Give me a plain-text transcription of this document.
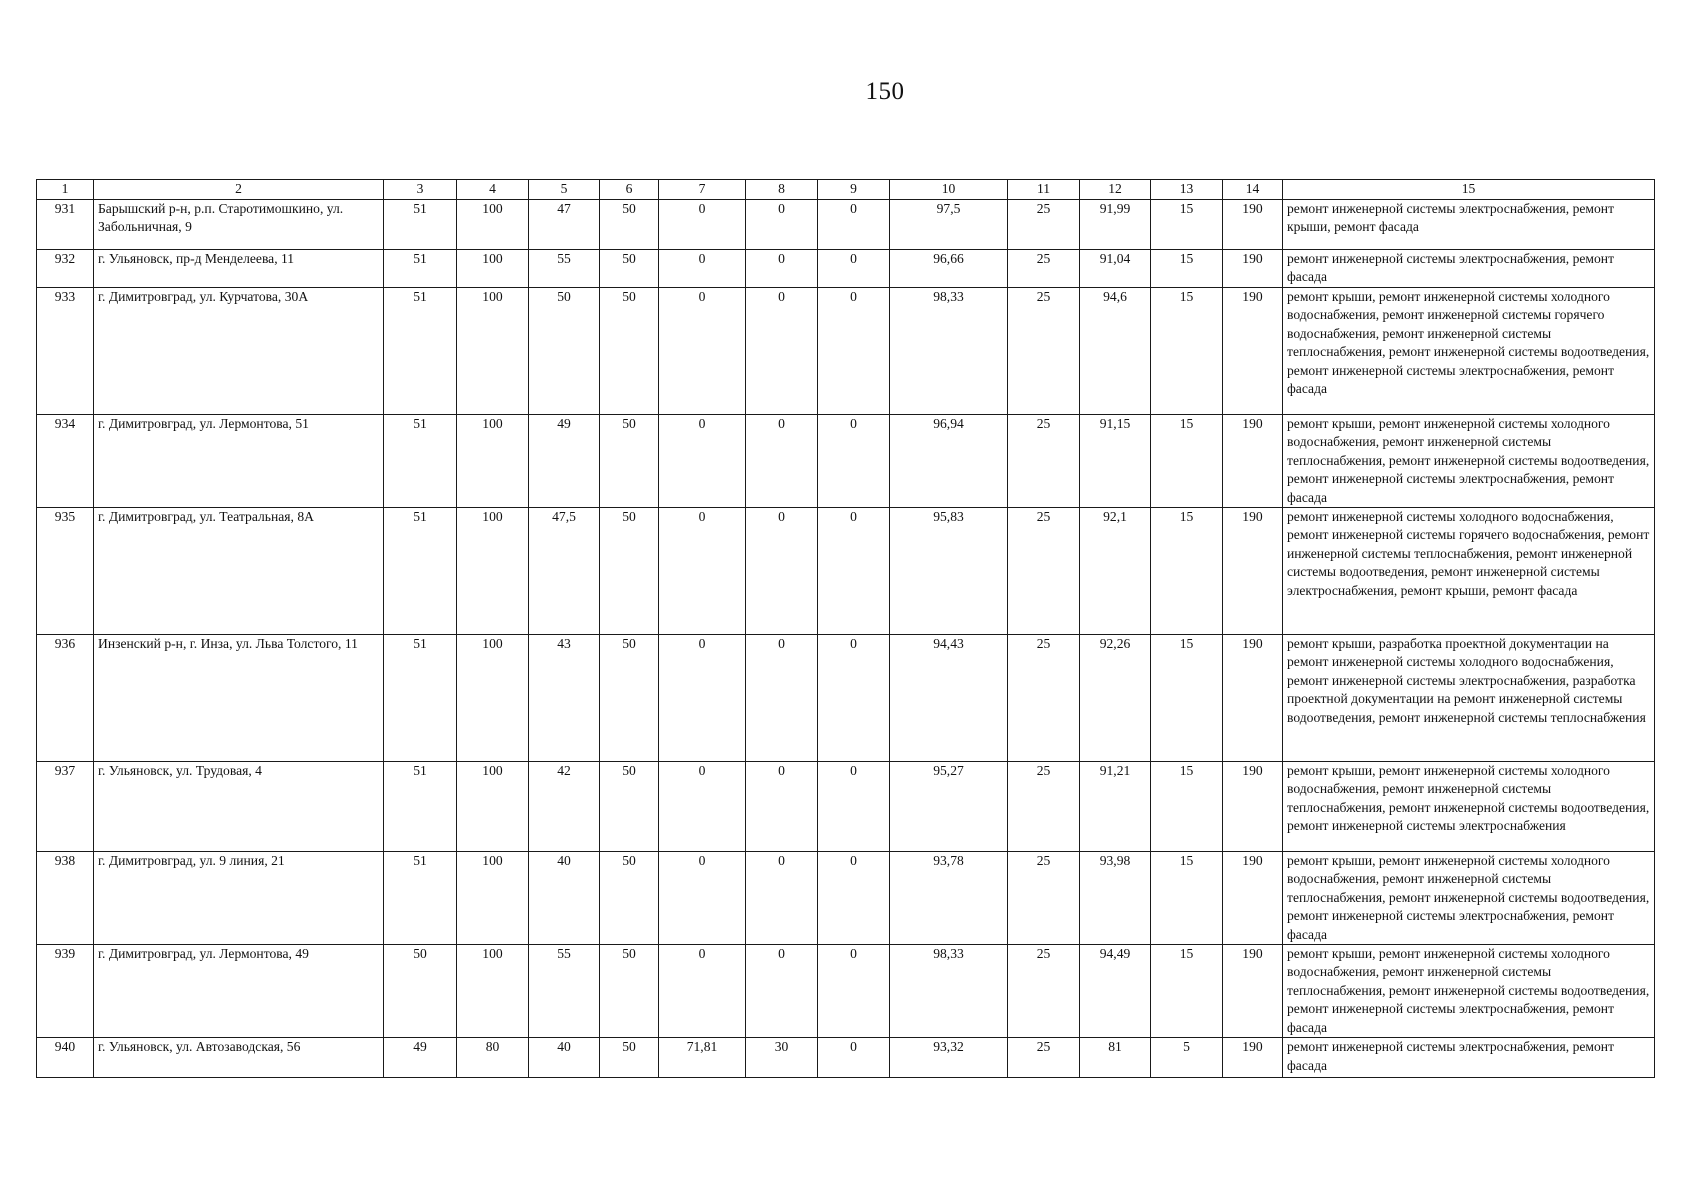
150
1	2	3	4	5	6	7	8	9	10	11	12	13	14	15
931	Барышский р-н, р.п. Старотимошкино, ул. Забольничная, 9	51	100	47	50	0	0	0	97,5	25	91,99	15	190	ремонт инженерной системы электроснабжения, ремонт крыши, ремонт фасада
932	г. Ульяновск, пр-д Менделеева, 11	51	100	55	50	0	0	0	96,66	25	91,04	15	190	ремонт инженерной системы электроснабжения, ремонт фасада
933	г. Димитровград, ул. Курчатова, 30А	51	100	50	50	0	0	0	98,33	25	94,6	15	190	ремонт крыши, ремонт инженерной системы холодного водоснабжения, ремонт инженерной системы горячего водоснабжения, ремонт инженерной системы теплоснабжения, ремонт инженерной системы водоотведения, ремонт инженерной системы электроснабжения, ремонт фасада
934	г. Димитровград, ул. Лермонтова, 51	51	100	49	50	0	0	0	96,94	25	91,15	15	190	ремонт крыши, ремонт инженерной системы холодного водоснабжения, ремонт инженерной системы теплоснабжения, ремонт инженерной системы водоотведения, ремонт инженерной системы электроснабжения, ремонт фасада
935	г. Димитровград, ул. Театральная, 8А	51	100	47,5	50	0	0	0	95,83	25	92,1	15	190	ремонт инженерной системы холодного водоснабжения, ремонт инженерной системы горячего водоснабжения, ремонт инженерной системы теплоснабжения, ремонт инженерной системы водоотведения, ремонт инженерной системы электроснабжения, ремонт крыши, ремонт фасада
936	Инзенский р-н, г. Инза, ул. Льва Толстого, 11	51	100	43	50	0	0	0	94,43	25	92,26	15	190	ремонт крыши, разработка проектной документации на ремонт инженерной системы холодного водоснабжения, ремонт инженерной системы электроснабжения, разработка проектной документации на ремонт инженерной системы водоотведения, ремонт инженерной системы теплоснабжения
937	г. Ульяновск, ул. Трудовая, 4	51	100	42	50	0	0	0	95,27	25	91,21	15	190	ремонт крыши, ремонт инженерной системы холодного водоснабжения, ремонт инженерной системы теплоснабжения, ремонт инженерной системы водоотведения, ремонт инженерной системы электроснабжения
938	г. Димитровград, ул. 9 линия, 21	51	100	40	50	0	0	0	93,78	25	93,98	15	190	ремонт крыши, ремонт инженерной системы холодного водоснабжения, ремонт инженерной системы теплоснабжения, ремонт инженерной системы водоотведения, ремонт инженерной системы электроснабжения, ремонт фасада
939	г. Димитровград, ул. Лермонтова, 49	50	100	55	50	0	0	0	98,33	25	94,49	15	190	ремонт крыши, ремонт инженерной системы холодного водоснабжения, ремонт инженерной системы теплоснабжения, ремонт инженерной системы водоотведения, ремонт инженерной системы электроснабжения, ремонт фасада
940	г. Ульяновск, ул. Автозаводская, 56	49	80	40	50	71,81	30	0	93,32	25	81	5	190	ремонт инженерной системы электроснабжения, ремонт фасада
